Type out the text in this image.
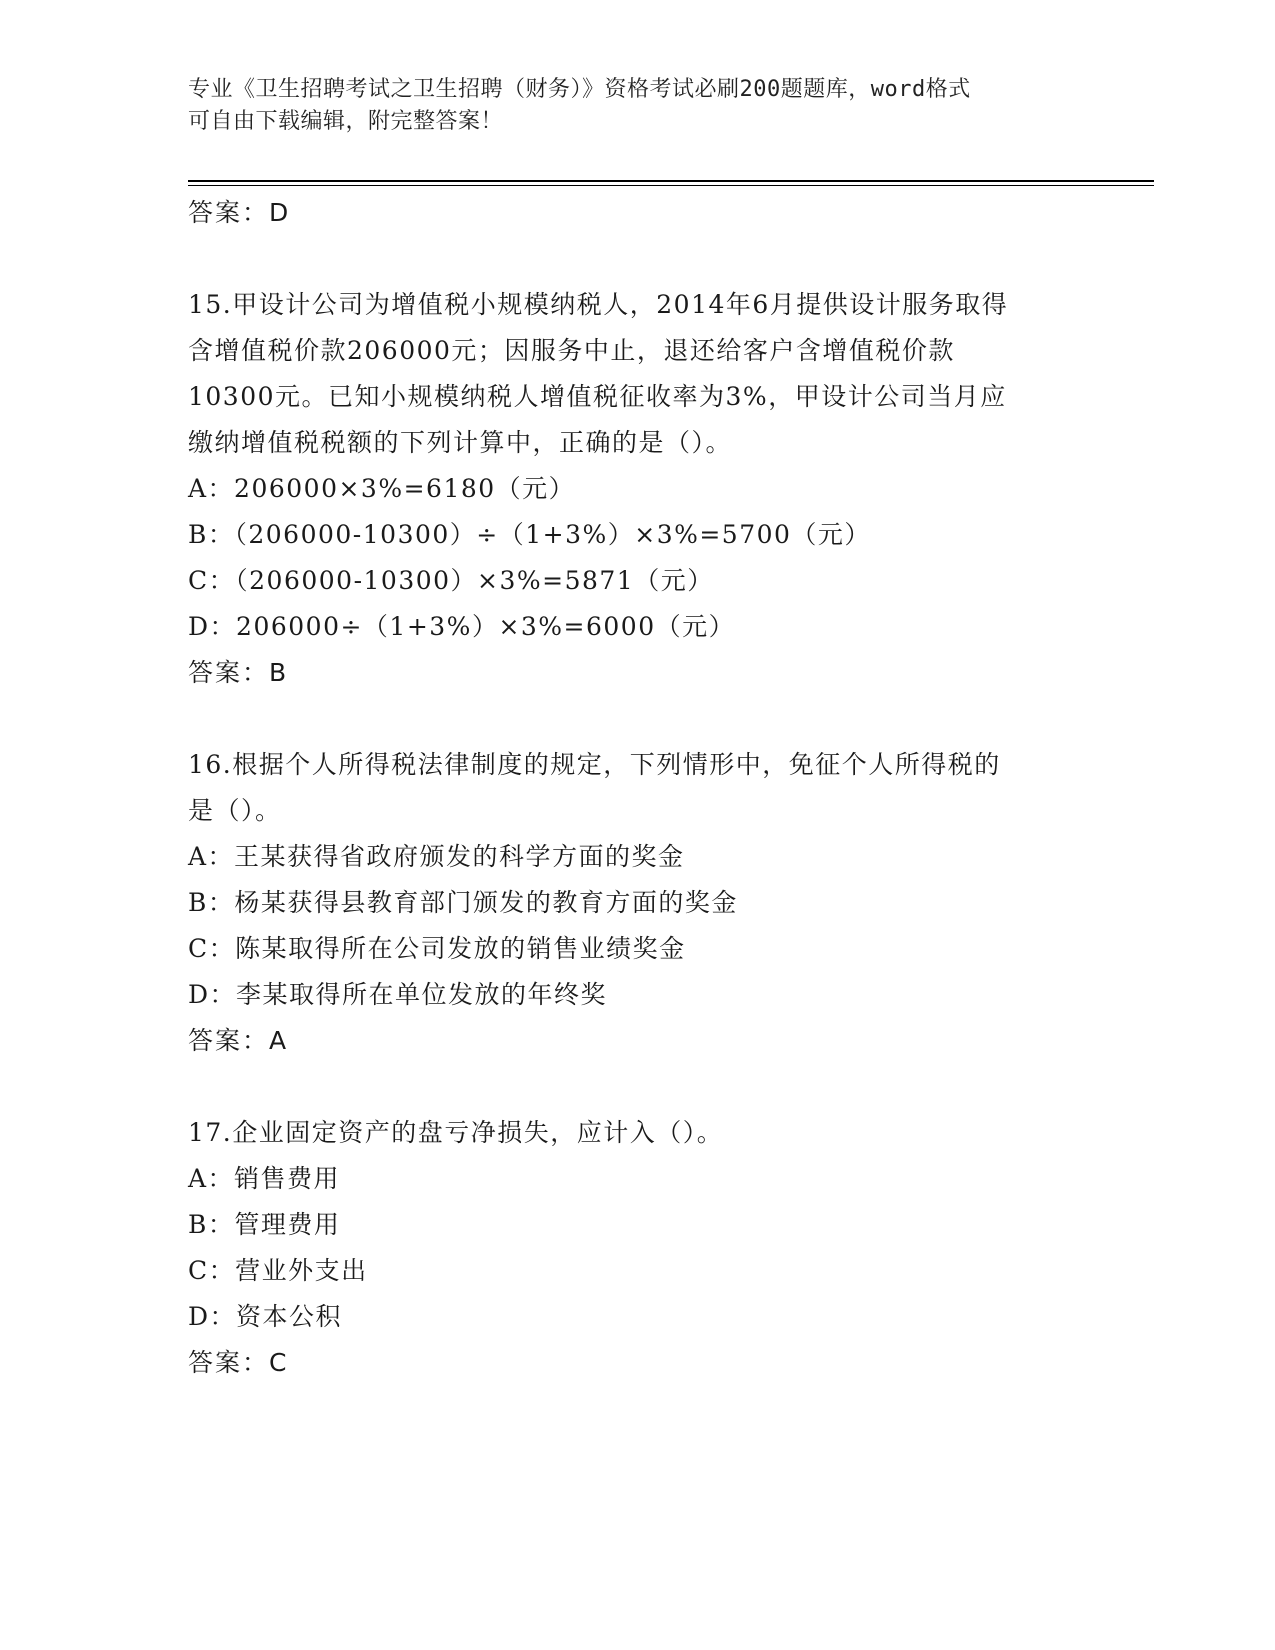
专业《卫生招聘考试之卫生招聘（财务）》资格考试必刷200题题库，word格式
可自由下载编辑，附完整答案！
答案：D
15.甲设计公司为增值税小规模纳税人，2014年6月提供设计服务取得
含增值税价款206000元；因服务中止，退还给客户含增值税价款
10300元。已知小规模纳税人增值税征收率为3%，甲设计公司当月应
缴纳增值税税额的下列计算中，正确的是（）。
A：206000×3%=6180（元）
B：（206000-10300）÷（1+3%）×3%=5700（元）
C：（206000-10300）×3%=5871（元）
D：206000÷（1+3%）×3%=6000（元）
答案：B
16.根据个人所得税法律制度的规定，下列情形中，免征个人所得税的
是（）。
A：王某获得省政府颁发的科学方面的奖金
B：杨某获得县教育部门颁发的教育方面的奖金
C：陈某取得所在公司发放的销售业绩奖金
D：李某取得所在单位发放的年终奖
答案：A
17.企业固定资产的盘亏净损失，应计入（）。
A：销售费用
B：管理费用
C：营业外支出
D：资本公积
答案：C
